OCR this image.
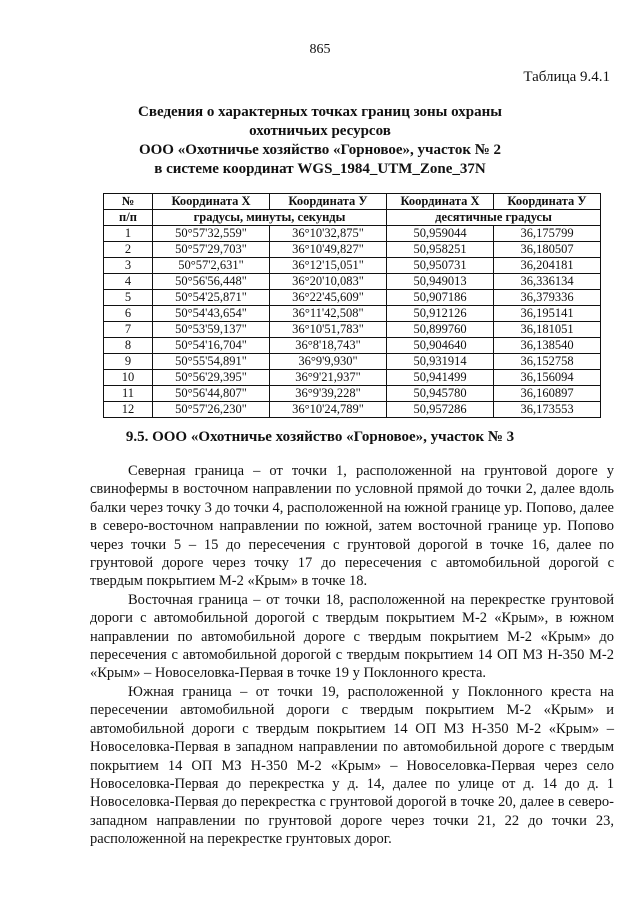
865
Таблица 9.4.1
Сведения о характерных точках границ зоны охраны
охотничьих ресурсов
ООО «Охотничье хозяйство «Горновое», участок № 2
в системе координат WGS_1984_UTM_Zone_37N
№	Координата X	Координата У	Координата X	Координата У
п/п	градусы, минуты, секунды		десятичные градусы	
1	50°57'32,559"	36°10'32,875"	50,959044	36,175799
2	50°57'29,703"	36°10'49,827"	50,958251	36,180507
3	50°57'2,631"	36°12'15,051"	50,950731	36,204181
4	50°56'56,448"	36°20'10,083"	50,949013	36,336134
5	50°54'25,871"	36°22'45,609"	50,907186	36,379336
6	50°54'43,654"	36°11'42,508"	50,912126	36,195141
7	50°53'59,137"	36°10'51,783"	50,899760	36,181051
8	50°54'16,704"	36°8'18,743"	50,904640	36,138540
9	50°55'54,891"	36°9'9,930"	50,931914	36,152758
10	50°56'29,395"	36°9'21,937"	50,941499	36,156094
11	50°56'44,807"	36°9'39,228"	50,945780	36,160897
12	50°57'26,230"	36°10'24,789"	50,957286	36,173553
9.5. ООО «Охотничье хозяйство «Горновое», участок № 3

Северная граница – от точки 1, расположенной на грунтовой дороге у свинофермы в восточном направлении по условной прямой до точки 2, далее вдоль балки через точку 3 до точки 4, расположенной на южной границе ур. Попово, далее в северо-восточном направлении по южной, затем восточной границе ур. Попово через точки 5 – 15 до пересечения с грунтовой дорогой в точке 16, далее по грунтовой дороге через точку 17 до пересечения с автомобильной дорогой с твердым покрытием М-2 «Крым» в точке 18.

Восточная граница – от точки 18, расположенной на перекрестке грунтовой дороги с автомобильной дорогой с твердым покрытием М-2 «Крым», в южном направлении по автомобильной дороге с твердым покрытием М-2 «Крым» до пересечения с автомобильной дорогой с твердым покрытием 14 ОП МЗ Н-350 М-2 «Крым» – Новоселовка-Первая в точке 19 у Поклонного креста.

Южная граница – от точки 19, расположенной у Поклонного креста на пересечении автомобильной дороги с твердым покрытием М-2 «Крым» и автомобильной дороги с твердым покрытием 14 ОП МЗ Н-350 М-2 «Крым» – Новоселовка-Первая в западном направлении по автомобильной дороге с твердым покрытием 14 ОП МЗ Н-350 М-2 «Крым» – Новоселовка-Первая через село Новоселовка-Первая до перекрестка у д. 14, далее по улице от д. 14 до д. 1 Новоселовка-Первая до перекрестка с грунтовой дорогой в точке 20, далее в северо-западном направлении по грунтовой дороге через точки 21, 22 до точки 23, расположенной на перекрестке грунтовых дорог.
